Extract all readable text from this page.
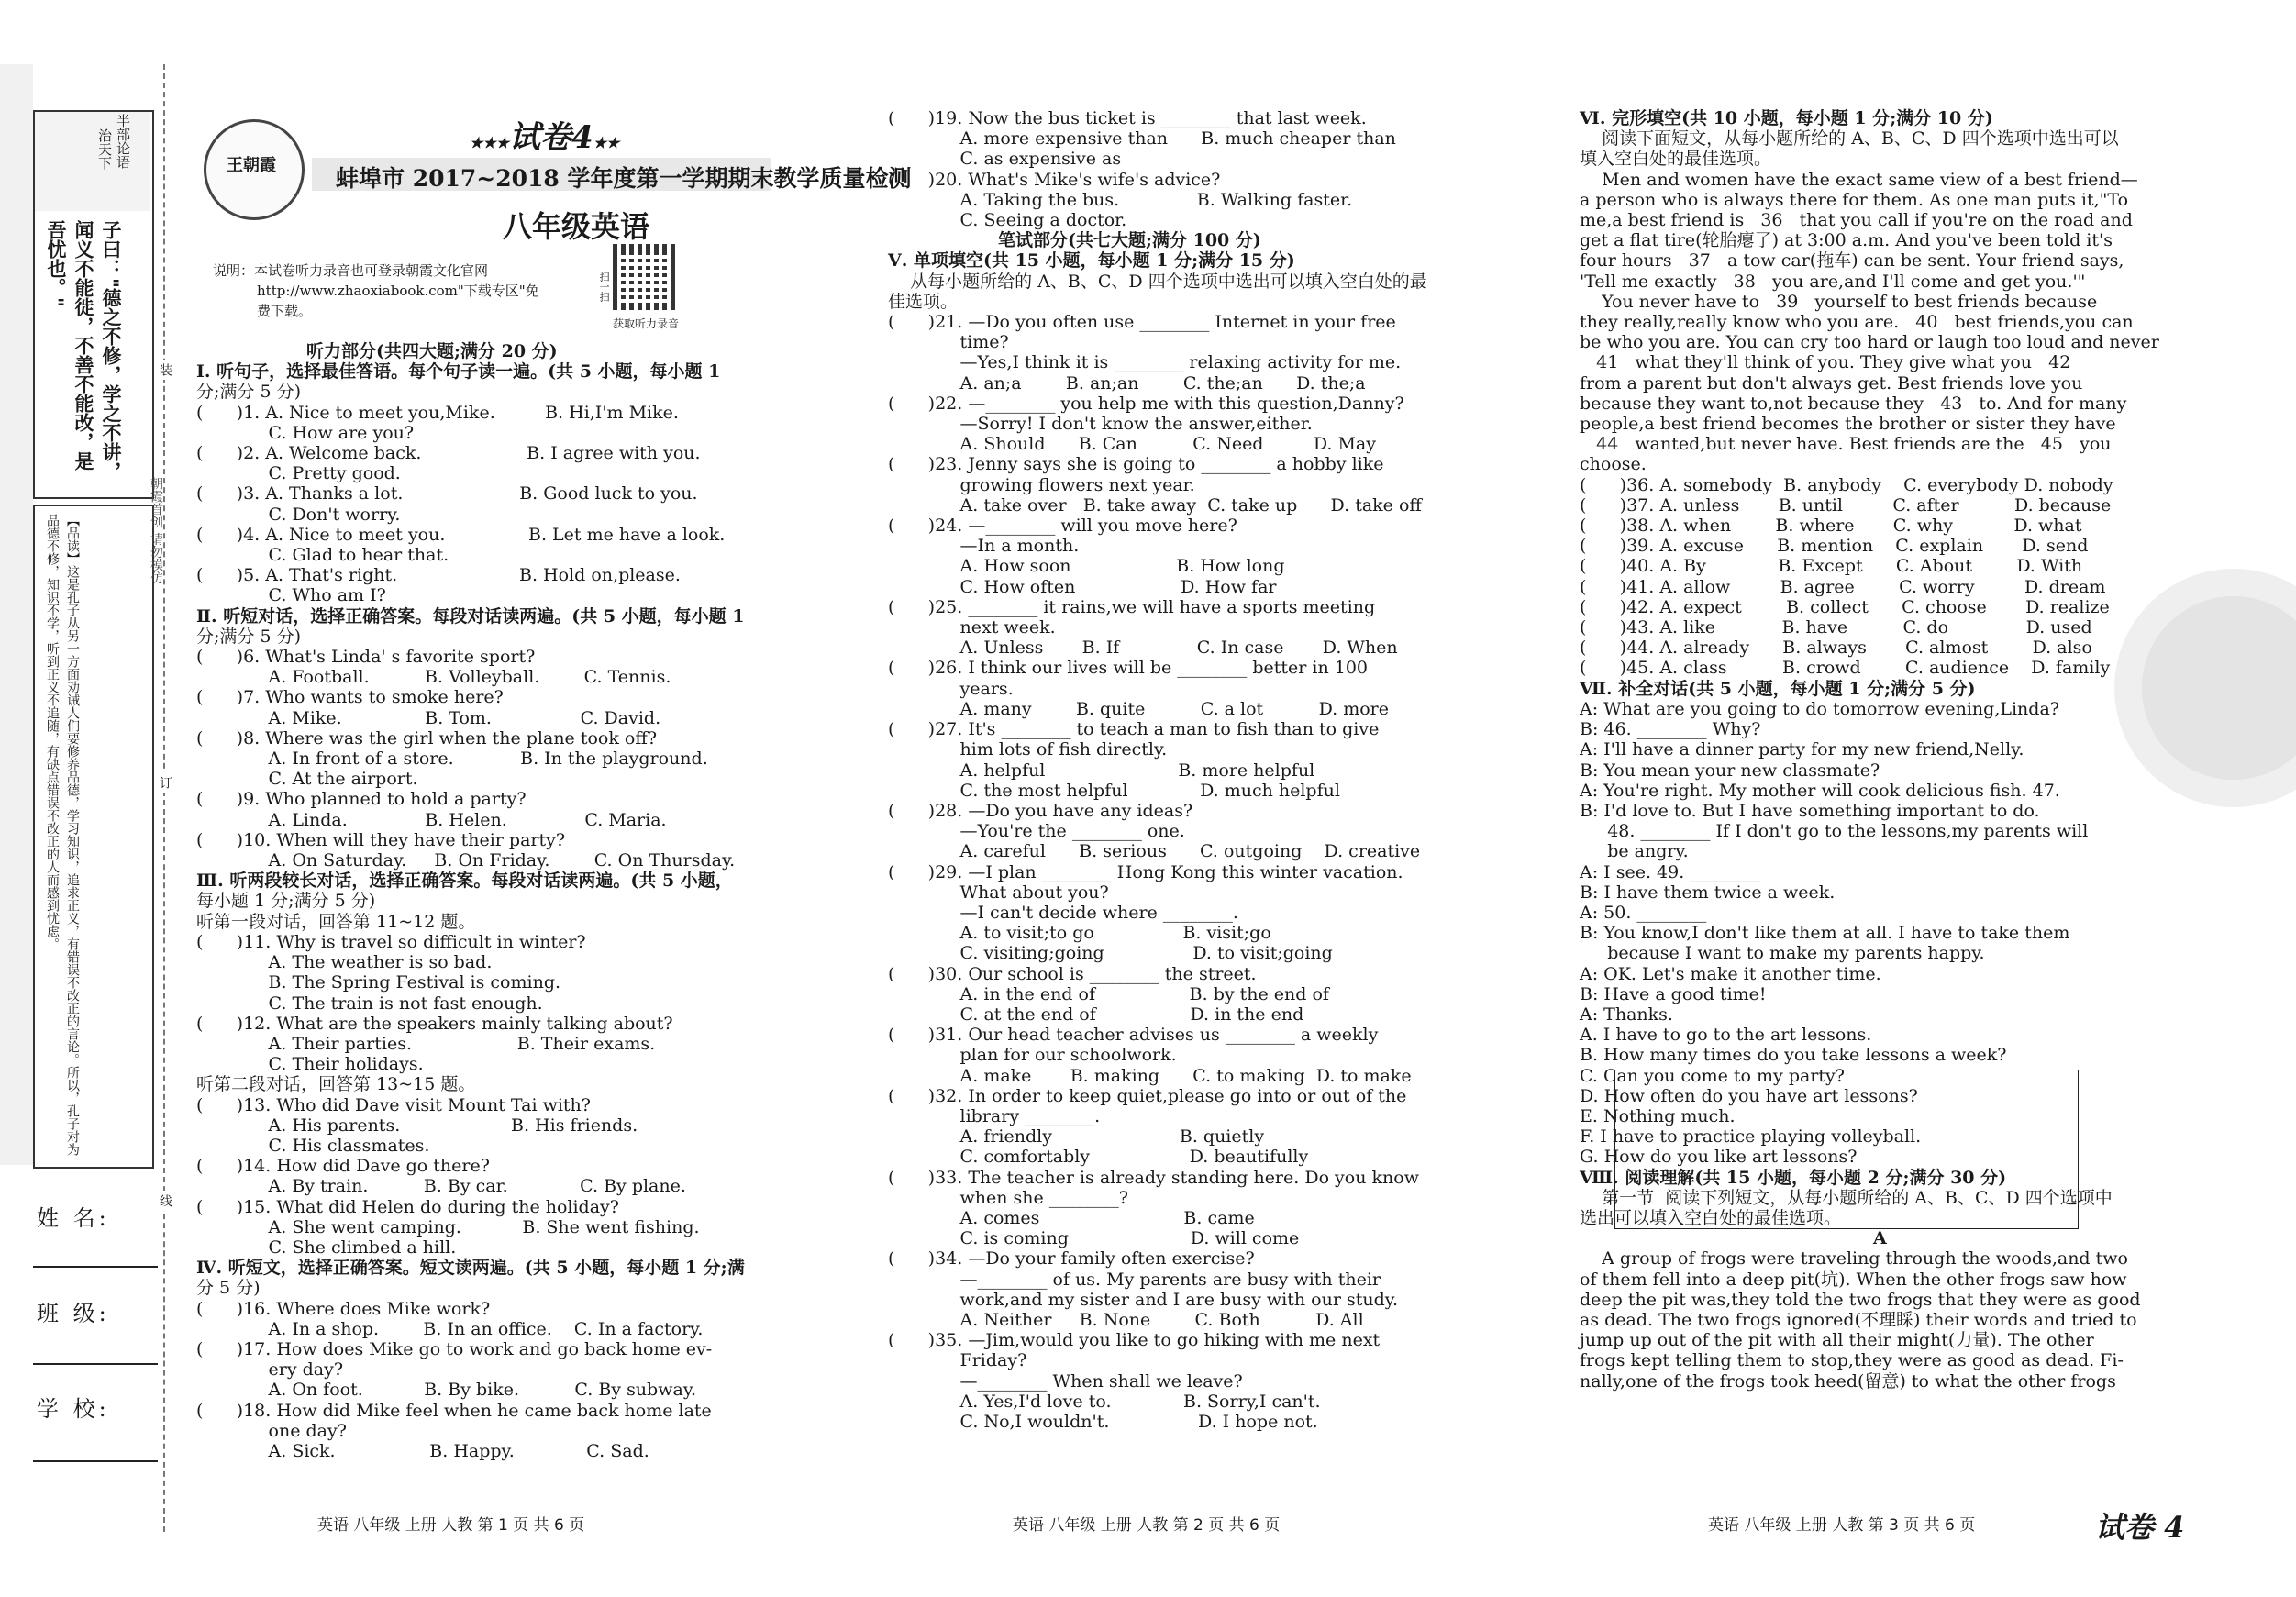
半部论语
治天下
子曰："德之不修，学之不讲，闻义不能徙，不善不能改，是吾忧也。"
【品读】这是孔子从另一方面劝诫人们要修养品德，学习知识，追求正义，有错误不改正的言论。所以，孔子对为品德不修，知识不学，听到正义不追随，有缺点错误不改正的人而感到忧虑。
姓 名:
班 级:
学 校:
装
订
线
朝霞首创 请勿模仿
王朝霞
★★★试卷4★★
蚌埠市 2017~2018 学年度第一学期期末教学质量检测
八年级英语
说明：本试卷听力录音也可登录朝霞文化官网
http://www.zhaoxiabook.com"下载专区"免
费下载。
获取听力录音
扫一扫
听力部分(共四大题;满分 20 分)
Ⅰ. 听句子，选择最佳答语。每个句子读一遍。(共 5 小题，每小题 1
分;满分 5 分)
(      )1. A. Nice to meet you,Mike.         B. Hi,I'm Mike.
C. How are you?
(      )2. A. Welcome back.                   B. I agree with you.
C. Pretty good.
(      )3. A. Thanks a lot.                     B. Good luck to you.
C. Don't worry.
(      )4. A. Nice to meet you.               B. Let me have a look.
C. Glad to hear that.
(      )5. A. That's right.                      B. Hold on,please.
C. Who am I?
Ⅱ. 听短对话，选择正确答案。每段对话读两遍。(共 5 小题，每小题 1
分;满分 5 分)
(      )6. What's Linda' s favorite sport?
A. Football.          B. Volleyball.        C. Tennis.
(      )7. Who wants to smoke here?
A. Mike.               B. Tom.                C. David.
(      )8. Where was the girl when the plane took off?
A. In front of a store.            B. In the playground.
C. At the airport.
(      )9. Who planned to hold a party?
A. Linda.              B. Helen.              C. Maria.
(      )10. When will they have their party?
A. On Saturday.     B. On Friday.        C. On Thursday.
Ⅲ. 听两段较长对话，选择正确答案。每段对话读两遍。(共 5 小题，
每小题 1 分;满分 5 分)
听第一段对话，回答第 11~12 题。
(      )11. Why is travel so difficult in winter?
A. The weather is so bad.
B. The Spring Festival is coming.
C. The train is not fast enough.
(      )12. What are the speakers mainly talking about?
A. Their parties.                   B. Their exams.
C. Their holidays.
听第二段对话，回答第 13~15 题。
(      )13. Who did Dave visit Mount Tai with?
A. His parents.                    B. His friends.
C. His classmates.
(      )14. How did Dave go there?
A. By train.          B. By car.             C. By plane.
(      )15. What did Helen do during the holiday?
A. She went camping.           B. She went fishing.
C. She climbed a hill.
Ⅳ. 听短文，选择正确答案。短文读两遍。(共 5 小题，每小题 1 分;满
分 5 分)
(      )16. Where does Mike work?
A. In a shop.        B. In an office.    C. In a factory.
(      )17. How does Mike go to work and go back home ev-
ery day?
A. On foot.           B. By bike.          C. By subway.
(      )18. How did Mike feel when he came back home late
one day?
A. Sick.                 B. Happy.             C. Sad.
(      )19. Now the bus ticket is ________ that last week.
A. more expensive than      B. much cheaper than
C. as expensive as
(      )20. What's Mike's wife's advice?
A. Taking the bus.              B. Walking faster.
C. Seeing a doctor.
笔试部分(共七大题;满分 100 分)
Ⅴ. 单项填空(共 15 小题，每小题 1 分;满分 15 分)
从每小题所给的 A、B、C、D 四个选项中选出可以填入空白处的最
佳选项。
(      )21. —Do you often use ________ Internet in your free
time?
—Yes,I think it is ________ relaxing activity for me.
A. an;a        B. an;an        C. the;an      D. the;a
(      )22. —________ you help me with this question,Danny?
—Sorry! I don't know the answer,either.
A. Should      B. Can          C. Need         D. May
(      )23. Jenny says she is going to ________ a hobby like
growing flowers next year.
A. take over   B. take away  C. take up      D. take off
(      )24. —________ will you move here?
—In a month.
A. How soon                   B. How long
C. How often                   D. How far
(      )25. ________ it rains,we will have a sports meeting
next week.
A. Unless       B. If              C. In case       D. When
(      )26. I think our lives will be ________ better in 100
years.
A. many        B. quite          C. a lot          D. more
(      )27. It's ________ to teach a man to fish than to give
him lots of fish directly.
A. helpful                        B. more helpful
C. the most helpful             D. much helpful
(      )28. —Do you have any ideas?
—You're the ________ one.
A. careful      B. serious      C. outgoing    D. creative
(      )29. —I plan ________ Hong Kong this winter vacation.
What about you?
—I can't decide where ________.
A. to visit;to go                B. visit;go
C. visiting;going                D. to visit;going
(      )30. Our school is ________ the street.
A. in the end of                 B. by the end of
C. at the end of                 D. in the end
(      )31. Our head teacher advises us ________ a weekly
plan for our schoolwork.
A. make       B. making      C. to making  D. to make
(      )32. In order to keep quiet,please go into or out of the
library ________.
A. friendly                       B. quietly
C. comfortably                  D. beautifully
(      )33. The teacher is already standing here. Do you know
when she ________?
A. comes                          B. came
C. is coming                      D. will come
(      )34. —Do your family often exercise?
—________ of us. My parents are busy with their
work,and my sister and I are busy with our study.
A. Neither     B. None        C. Both          D. All
(      )35. —Jim,would you like to go hiking with me next
Friday?
—________ When shall we leave?
A. Yes,I'd love to.             B. Sorry,I can't.
C. No,I wouldn't.                D. I hope not.
Ⅵ. 完形填空(共 10 小题，每小题 1 分;满分 10 分)
阅读下面短文，从每小题所给的 A、B、C、D 四个选项中选出可以
填入空白处的最佳选项。
Men and women have the exact same view of a best friend—
a person who is always there for them. As one man puts it,"To
me,a best friend is   36   that you call if you're on the road and
get a flat tire(轮胎瘪了) at 3:00 a.m. And you've been told it's
four hours   37   a tow car(拖车) can be sent. Your friend says,
'Tell me exactly   38   you are,and I'll come and get you.'"
You never have to   39   yourself to best friends because
they really,really know who you are.   40   best friends,you can
be who you are. You can cry too hard or laugh too loud and never
41   what they'll think of you. They give what you   42
from a parent but don't always get. Best friends love you
because they want to,not because they   43   to. And for many
people,a best friend becomes the brother or sister they have
44   wanted,but never have. Best friends are the   45   you
choose.
(      )36. A. somebody  B. anybody    C. everybody D. nobody
(      )37. A. unless       B. until         C. after          D. because
(      )38. A. when        B. where       C. why           D. what
(      )39. A. excuse      B. mention    C. explain       D. send
(      )40. A. By             B. Except      C. About        D. With
(      )41. A. allow         B. agree        C. worry         D. dream
(      )42. A. expect        B. collect      C. choose       D. realize
(      )43. A. like            B. have          C. do              D. used
(      )44. A. already      B. always       C. almost        D. also
(      )45. A. class          B. crowd        C. audience    D. family
Ⅶ. 补全对话(共 5 小题，每小题 1 分;满分 5 分)
A: What are you going to do tomorrow evening,Linda?
B: 46. ________ Why?
A: I'll have a dinner party for my new friend,Nelly.
B: You mean your new classmate?
A: You're right. My mother will cook delicious fish. 47.
B: I'd love to. But I have something important to do.
48. ________ If I don't go to the lessons,my parents will
be angry.
A: I see. 49. ________
B: I have them twice a week.
A: 50. ________
B: You know,I don't like them at all. I have to take them
because I want to make my parents happy.
A: OK. Let's make it another time.
B: Have a good time!
A: Thanks.
A. I have to go to the art lessons.
B. How many times do you take lessons a week?
C. Can you come to my party?
D. How often do you have art lessons?
E. Nothing much.
F. I have to practice playing volleyball.
G. How do you like art lessons?
Ⅷ. 阅读理解(共 15 小题，每小题 2 分;满分 30 分)
第一节  阅读下列短文，从每小题所给的 A、B、C、D 四个选项中
选出可以填入空白处的最佳选项。
A
A group of frogs were traveling through the woods,and two
of them fell into a deep pit(坑). When the other frogs saw how
deep the pit was,they told the two frogs that they were as good
as dead. The two frogs ignored(不理睬) their words and tried to
jump up out of the pit with all their might(力量). The other
frogs kept telling them to stop,they were as good as dead. Fi-
nally,one of the frogs took heed(留意) to what the other frogs
英语 八年级 上册 人教 第 1 页 共 6 页	英语 八年级 上册 人教 第 2 页 共 6 页	英语 八年级 上册 人教 第 3 页 共 6 页	试卷 4
